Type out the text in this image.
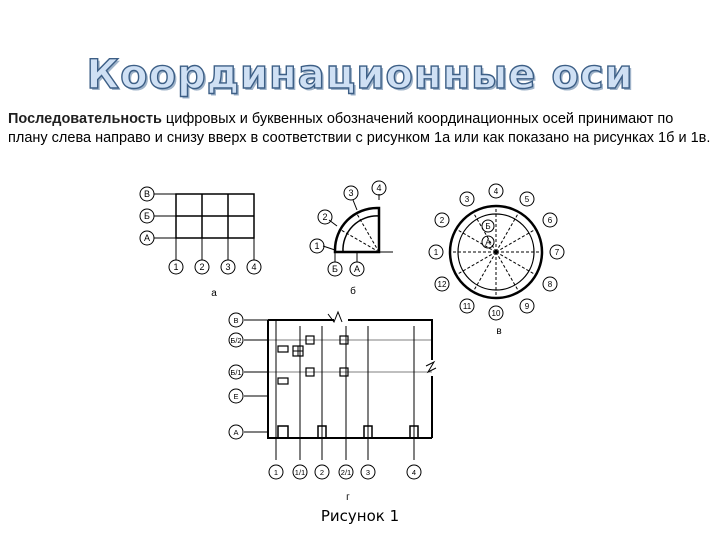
Координационные оси
Последовательность цифровых и буквенных обозначений координационных осей принимают по плану слева направо и снизу вверх в соответствии с рисунком 1а или как показано на рисунках 1б и 1в.
В
Б
А
1 2 3 4
а
1
2
3	4
Б А
б
1
2
3
4
5
6
7
8
9
10
11
12
Б
А
в
В
Б/2
Б/1
Е
А
1 1/1 2 2/1 3	4
г
Рисунок 1
